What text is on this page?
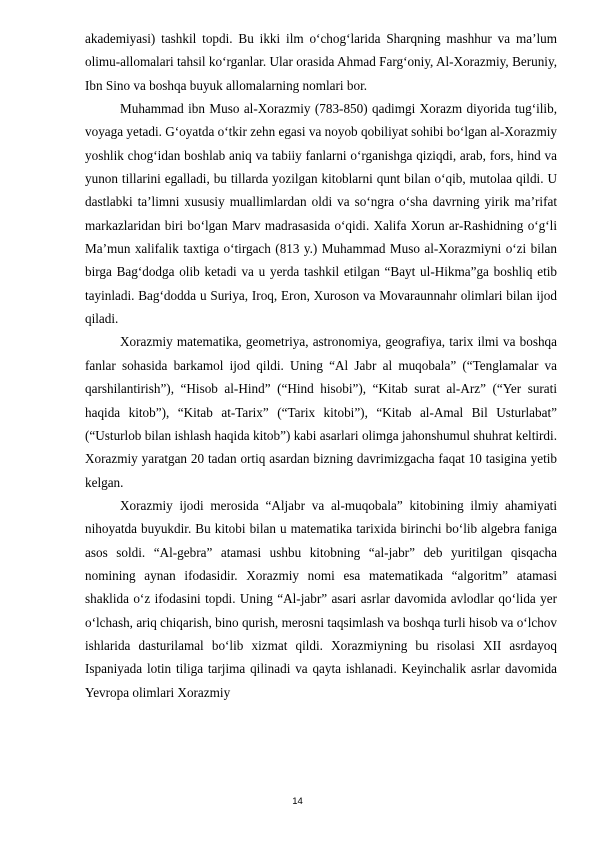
akademiyasi) tashkil topdi. Bu ikki ilm o‘chog‘larida Sharqning mashhur va ma’lum olimu-allomalari tahsil ko‘rganlar. Ular orasida Ahmad Farg‘oniy, Al-Xorazmiy, Beruniy, Ibn Sino va boshqa buyuk allomalarning nomlari bor.

Muhammad ibn Muso al-Xorazmiy (783-850) qadimgi Xorazm diyorida tug‘ilib, voyaga yetadi. G‘oyatda o‘tkir zehn egasi va noyob qobiliyat sohibi bo‘lgan al-Xorazmiy yoshlik chog‘idan boshlab aniq va tabiiy fanlarni o‘rganishga qiziqdi, arab, fors, hind va yunon tillarini egalladi, bu tillarda yozilgan kitoblarni qunt bilan o‘qib, mutolaa qildi. U dastlabki ta’limni xususiy muallimlardan oldi va so‘ngra o‘sha davrning yirik ma’rifat markazlaridan biri bo‘lgan Marv madrasasida o‘qidi. Xalifa Xorun ar-Rashidning o‘g‘li Ma’mun xalifalik taxtiga o‘tirgach (813 y.) Muhammad Muso al-Xorazmiyni o‘zi bilan birga Bag‘dodga olib ketadi va u yerda tashkil etilgan “Bayt ul-Hikma”ga boshliq etib tayinladi. Bag‘dodda u Suriya, Iroq, Eron, Xuroson va Movaraunnahr olimlari bilan ijod qiladi.

Xorazmiy matematika, geometriya, astronomiya, geografiya, tarix ilmi va boshqa fanlar sohasida barkamol ijod qildi. Uning “Al Jabr al muqobala” (“Tenglamalar va qarshilantirish”), “Hisob al-Hind” (“Hind hisobi”), “Kitab surat al-Arz” (“Yer surati haqida kitob”), “Kitab at-Tarix” (“Tarix kitobi”), “Kitab al-Amal Bil Usturlabat” (“Usturlob bilan ishlash haqida kitob”) kabi asarlari olimga jahonshumul shuhrat keltirdi. Xorazmiy yaratgan 20 tadan ortiq asardan bizning davrimizgacha faqat 10 tasigina yetib kelgan.

Xorazmiy ijodi merosida “Aljabr va al-muqobala” kitobining ilmiy ahamiyati nihoyatda buyukdir. Bu kitobi bilan u matematika tarixida birinchi bo‘lib algebra faniga asos soldi. “Al-gebra” atamasi ushbu kitobning “al-jabr” deb yuritilgan qisqacha nomining aynan ifodasidir. Xorazmiy nomi esa matematikada “algoritm” atamasi shaklida o‘z ifodasini topdi. Uning “Al-jabr” asari asrlar davomida avlodlar qo‘lida yer o‘lchash, ariq chiqarish, bino qurish, merosni taqsimlash va boshqa turli hisob va o‘lchov ishlarida dasturilamal bo‘lib xizmat qildi. Xorazmiyning bu risolasi XII asrdayoq Ispaniyada lotin tiliga tarjima qilinadi va qayta ishlanadi. Keyinchalik asrlar davomida Yevropa olimlari Xorazmiy

14
